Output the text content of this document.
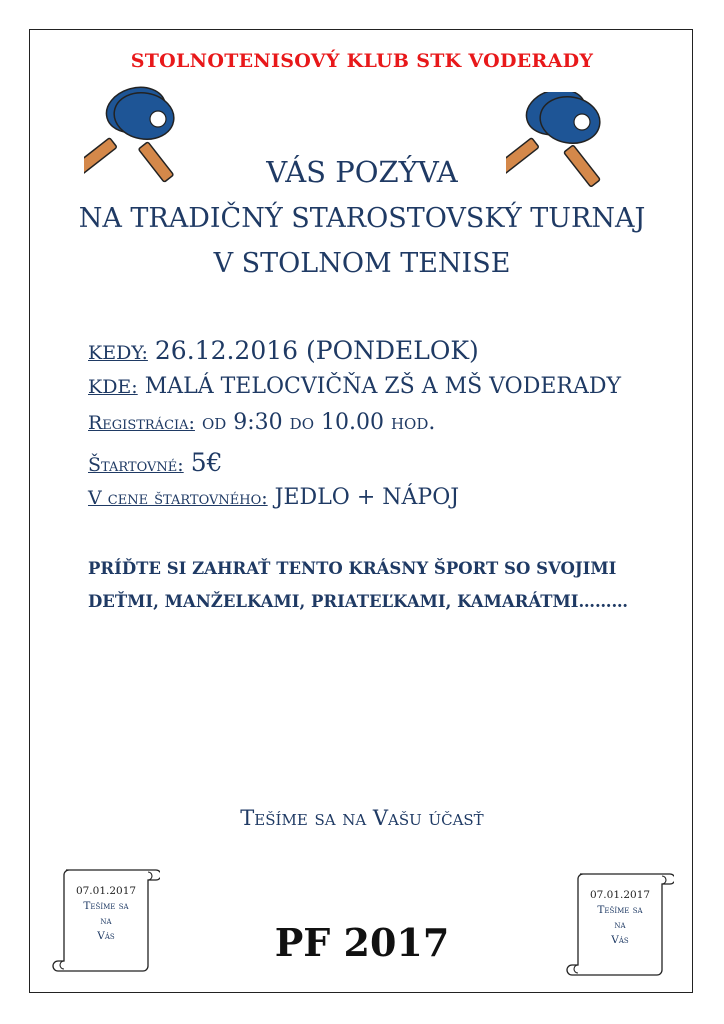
STOLNOTENISOVÝ KLUB STK VODERADY
VÁS POZÝVA
NA TRADIČNÝ STAROSTOVSKÝ TURNAJ
V STOLNOM TENISE
KEDY: 26.12.2016 (PONDELOK)
KDE: MALÁ TELOCVIČŇA ZŠ A MŠ VODERADY
Registrácia: od 9:30 do 10.00 hod.
Štartovné: 5€
V cene štartovného: JEDLO + NÁPOJ
PRÍĎTE SI ZAHRAŤ TENTO KRÁSNY ŠPORT SO SVOJIMI
DEŤMI, MANŽELKAMI, PRIATEĽKAMI, KAMARÁTMI………
Tešíme sa na Vašu účasť
07.01.2017
Tešíme sa
na
Vás	PF 2017
07.01.2017
Tešíme sa
na
Vás
